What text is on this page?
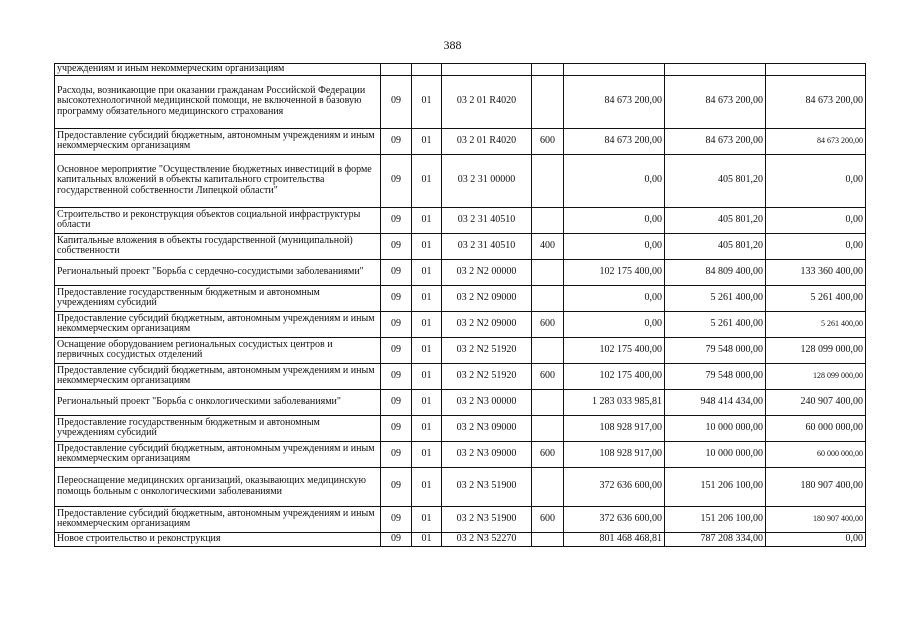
388
учреждениям и иным некоммерческим организациям							
Расходы, возникающие при оказании гражданам Российской Федерации высокотехнологичной медицинской помощи, не включенной в базовую программу обязательного медицинского страхования	09	01	03 2 01 R4020		84 673 200,00	84 673 200,00	84 673 200,00
Предоставление субсидий бюджетным, автономным учреждениям и иным некоммерческим организациям	09	01	03 2 01 R4020	600	84 673 200,00	84 673 200,00	84 673 200,00
Основное мероприятие "Осуществление бюджетных инвестиций в форме капитальных вложений в объекты капитального строительства государственной собственности Липецкой области"	09	01	03 2 31 00000		0,00	405 801,20	0,00
Строительство и реконструкция объектов социальной инфраструктуры области	09	01	03 2 31 40510		0,00	405 801,20	0,00
Капитальные вложения в объекты государственной (муниципальной) собственности	09	01	03 2 31 40510	400	0,00	405 801,20	0,00
Региональный проект "Борьба с сердечно-сосудистыми заболеваниями"	09	01	03 2 N2 00000		102 175 400,00	84 809 400,00	133 360 400,00
Предоставление государственным бюджетным и автономным учреждениям субсидий	09	01	03 2 N2 09000		0,00	5 261 400,00	5 261 400,00
Предоставление субсидий бюджетным, автономным учреждениям и иным некоммерческим организациям	09	01	03 2 N2 09000	600	0,00	5 261 400,00	5 261 400,00
Оснащение оборудованием региональных сосудистых центров и первичных сосудистых отделений	09	01	03 2 N2 51920		102 175 400,00	79 548 000,00	128 099 000,00
Предоставление субсидий бюджетным, автономным учреждениям и иным некоммерческим организациям	09	01	03 2 N2 51920	600	102 175 400,00	79 548 000,00	128 099 000,00
Региональный проект "Борьба с онкологическими заболеваниями"	09	01	03 2 N3 00000		1 283 033 985,81	948 414 434,00	240 907 400,00
Предоставление государственным бюджетным и автономным учреждениям субсидий	09	01	03 2 N3 09000		108 928 917,00	10 000 000,00	60 000 000,00
Предоставление субсидий бюджетным, автономным учреждениям и иным некоммерческим организациям	09	01	03 2 N3 09000	600	108 928 917,00	10 000 000,00	60 000 000,00
Переоснащение медицинских организаций, оказывающих медицинскую помощь больным с онкологическими заболеваниями	09	01	03 2 N3 51900		372 636 600,00	151 206 100,00	180 907 400,00
Предоставление субсидий бюджетным, автономным учреждениям и иным некоммерческим организациям	09	01	03 2 N3 51900	600	372 636 600,00	151 206 100,00	180 907 400,00
Новое строительство и реконструкция	09	01	03 2 N3 52270		801 468 468,81	787 208 334,00	0,00
